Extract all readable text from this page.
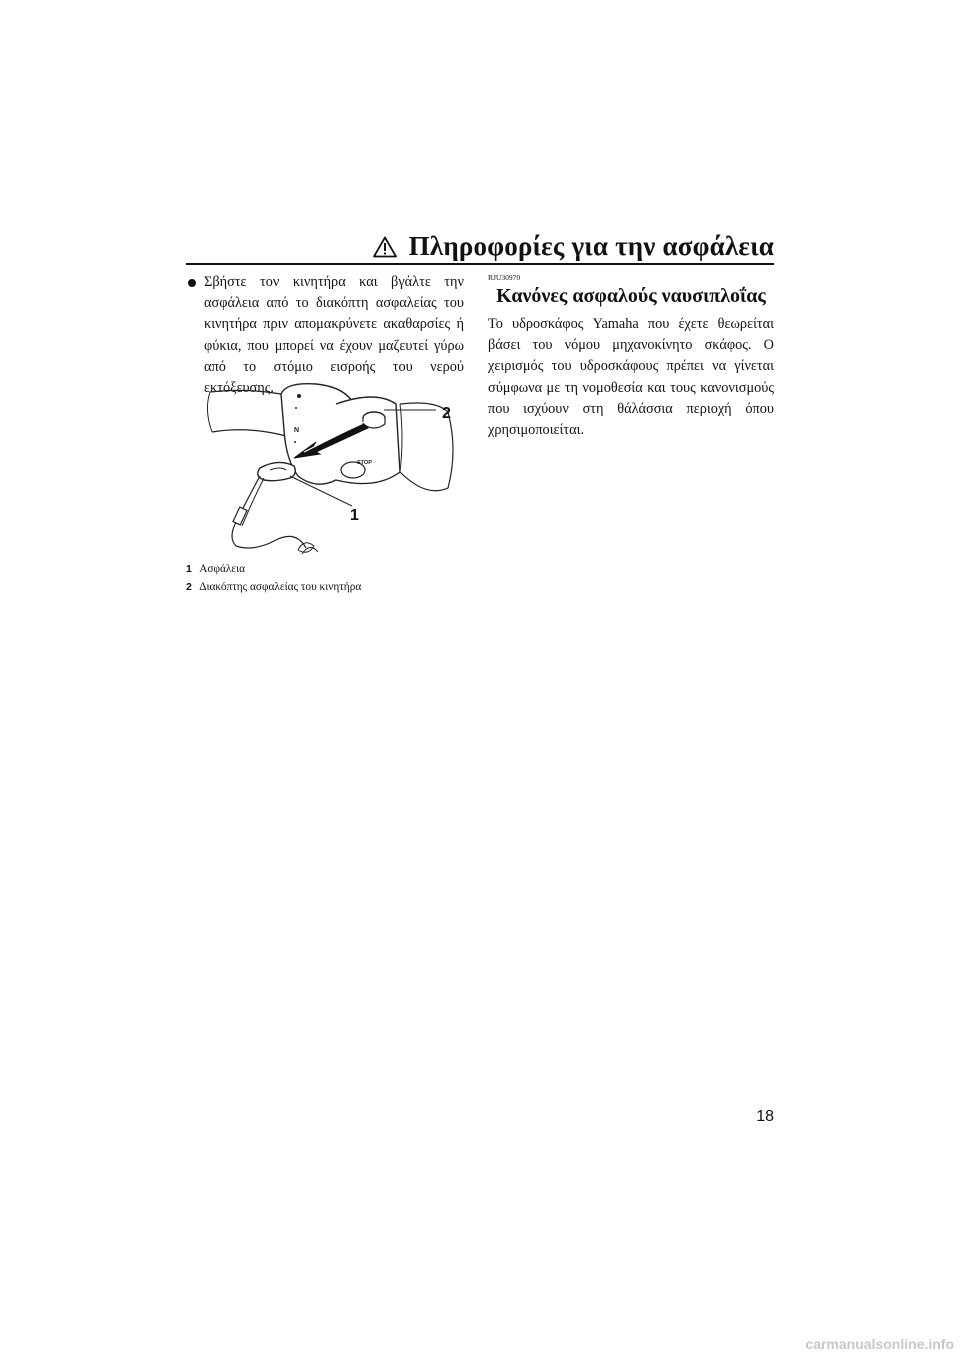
Πληροφορίες για την ασφάλεια
Σβήστε τον κινητήρα και βγάλτε την ασφάλεια από το διακόπτη ασφαλείας του κινητήρα πριν απομακρύνετε ακαθαρσίες ή φύκια, που μπορεί να έχουν μαζευτεί γύρω από το στόμιο εισροής του νερού εκτόξευσης.
N
STOP
1
2
1 Ασφάλεια
2 Διακόπτης ασφαλείας του κινητήρα
RJU30970
Κανόνες ασφαλούς ναυσιπλοΐας
Το υδροσκάφος Yamaha που έχετε θεωρείται βάσει του νόμου μηχανοκίνητο σκάφος. Ο χειρισμός του υδροσκάφους πρέπει να γίνεται σύμφωνα με τη νομοθεσία και τους κανονισμούς που ισχύουν στη θάλάσσια περιοχή όπου χρησιμοποιείται.
18
carmanualsonline.info
